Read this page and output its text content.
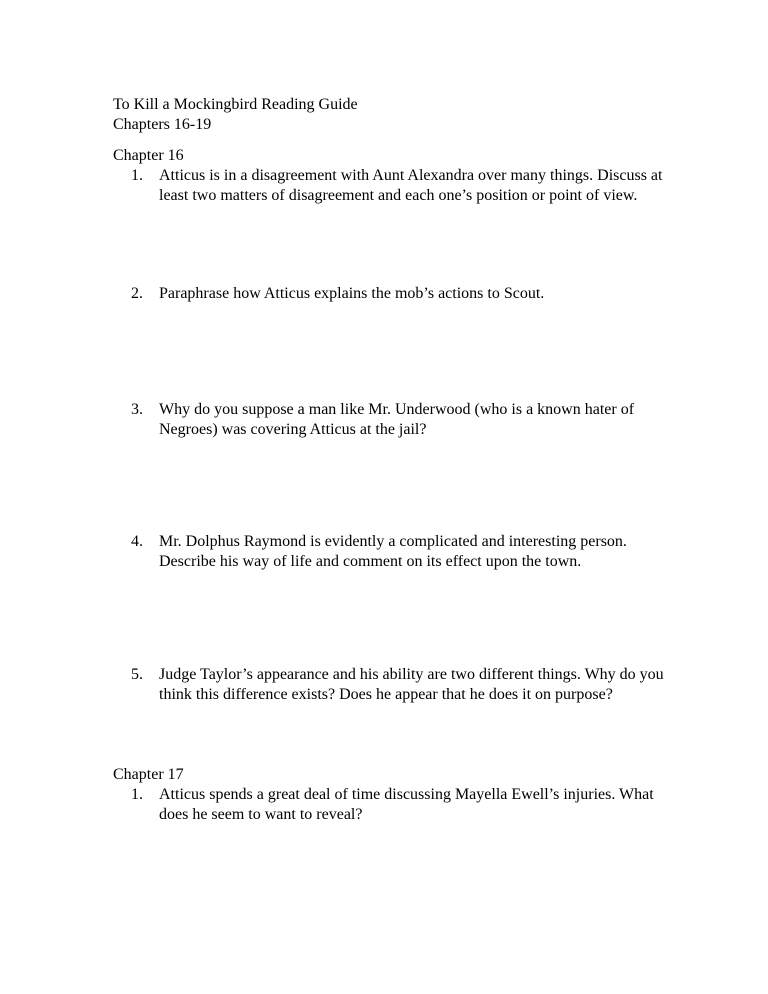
To Kill a Mockingbird Reading Guide
Chapters 16-19
Chapter 16
1. Atticus is in a disagreement with Aunt Alexandra over many things. Discuss at
least two matters of disagreement and each one’s position or point of view.
2. Paraphrase how Atticus explains the mob’s actions to Scout.
3. Why do you suppose a man like Mr. Underwood (who is a known hater of
Negroes) was covering Atticus at the jail?
4. Mr. Dolphus Raymond is evidently a complicated and interesting person.
Describe his way of life and comment on its effect upon the town.
5. Judge Taylor’s appearance and his ability are two different things. Why do you
think this difference exists? Does he appear that he does it on purpose?
Chapter 17
1. Atticus spends a great deal of time discussing Mayella Ewell’s injuries. What
does he seem to want to reveal?
